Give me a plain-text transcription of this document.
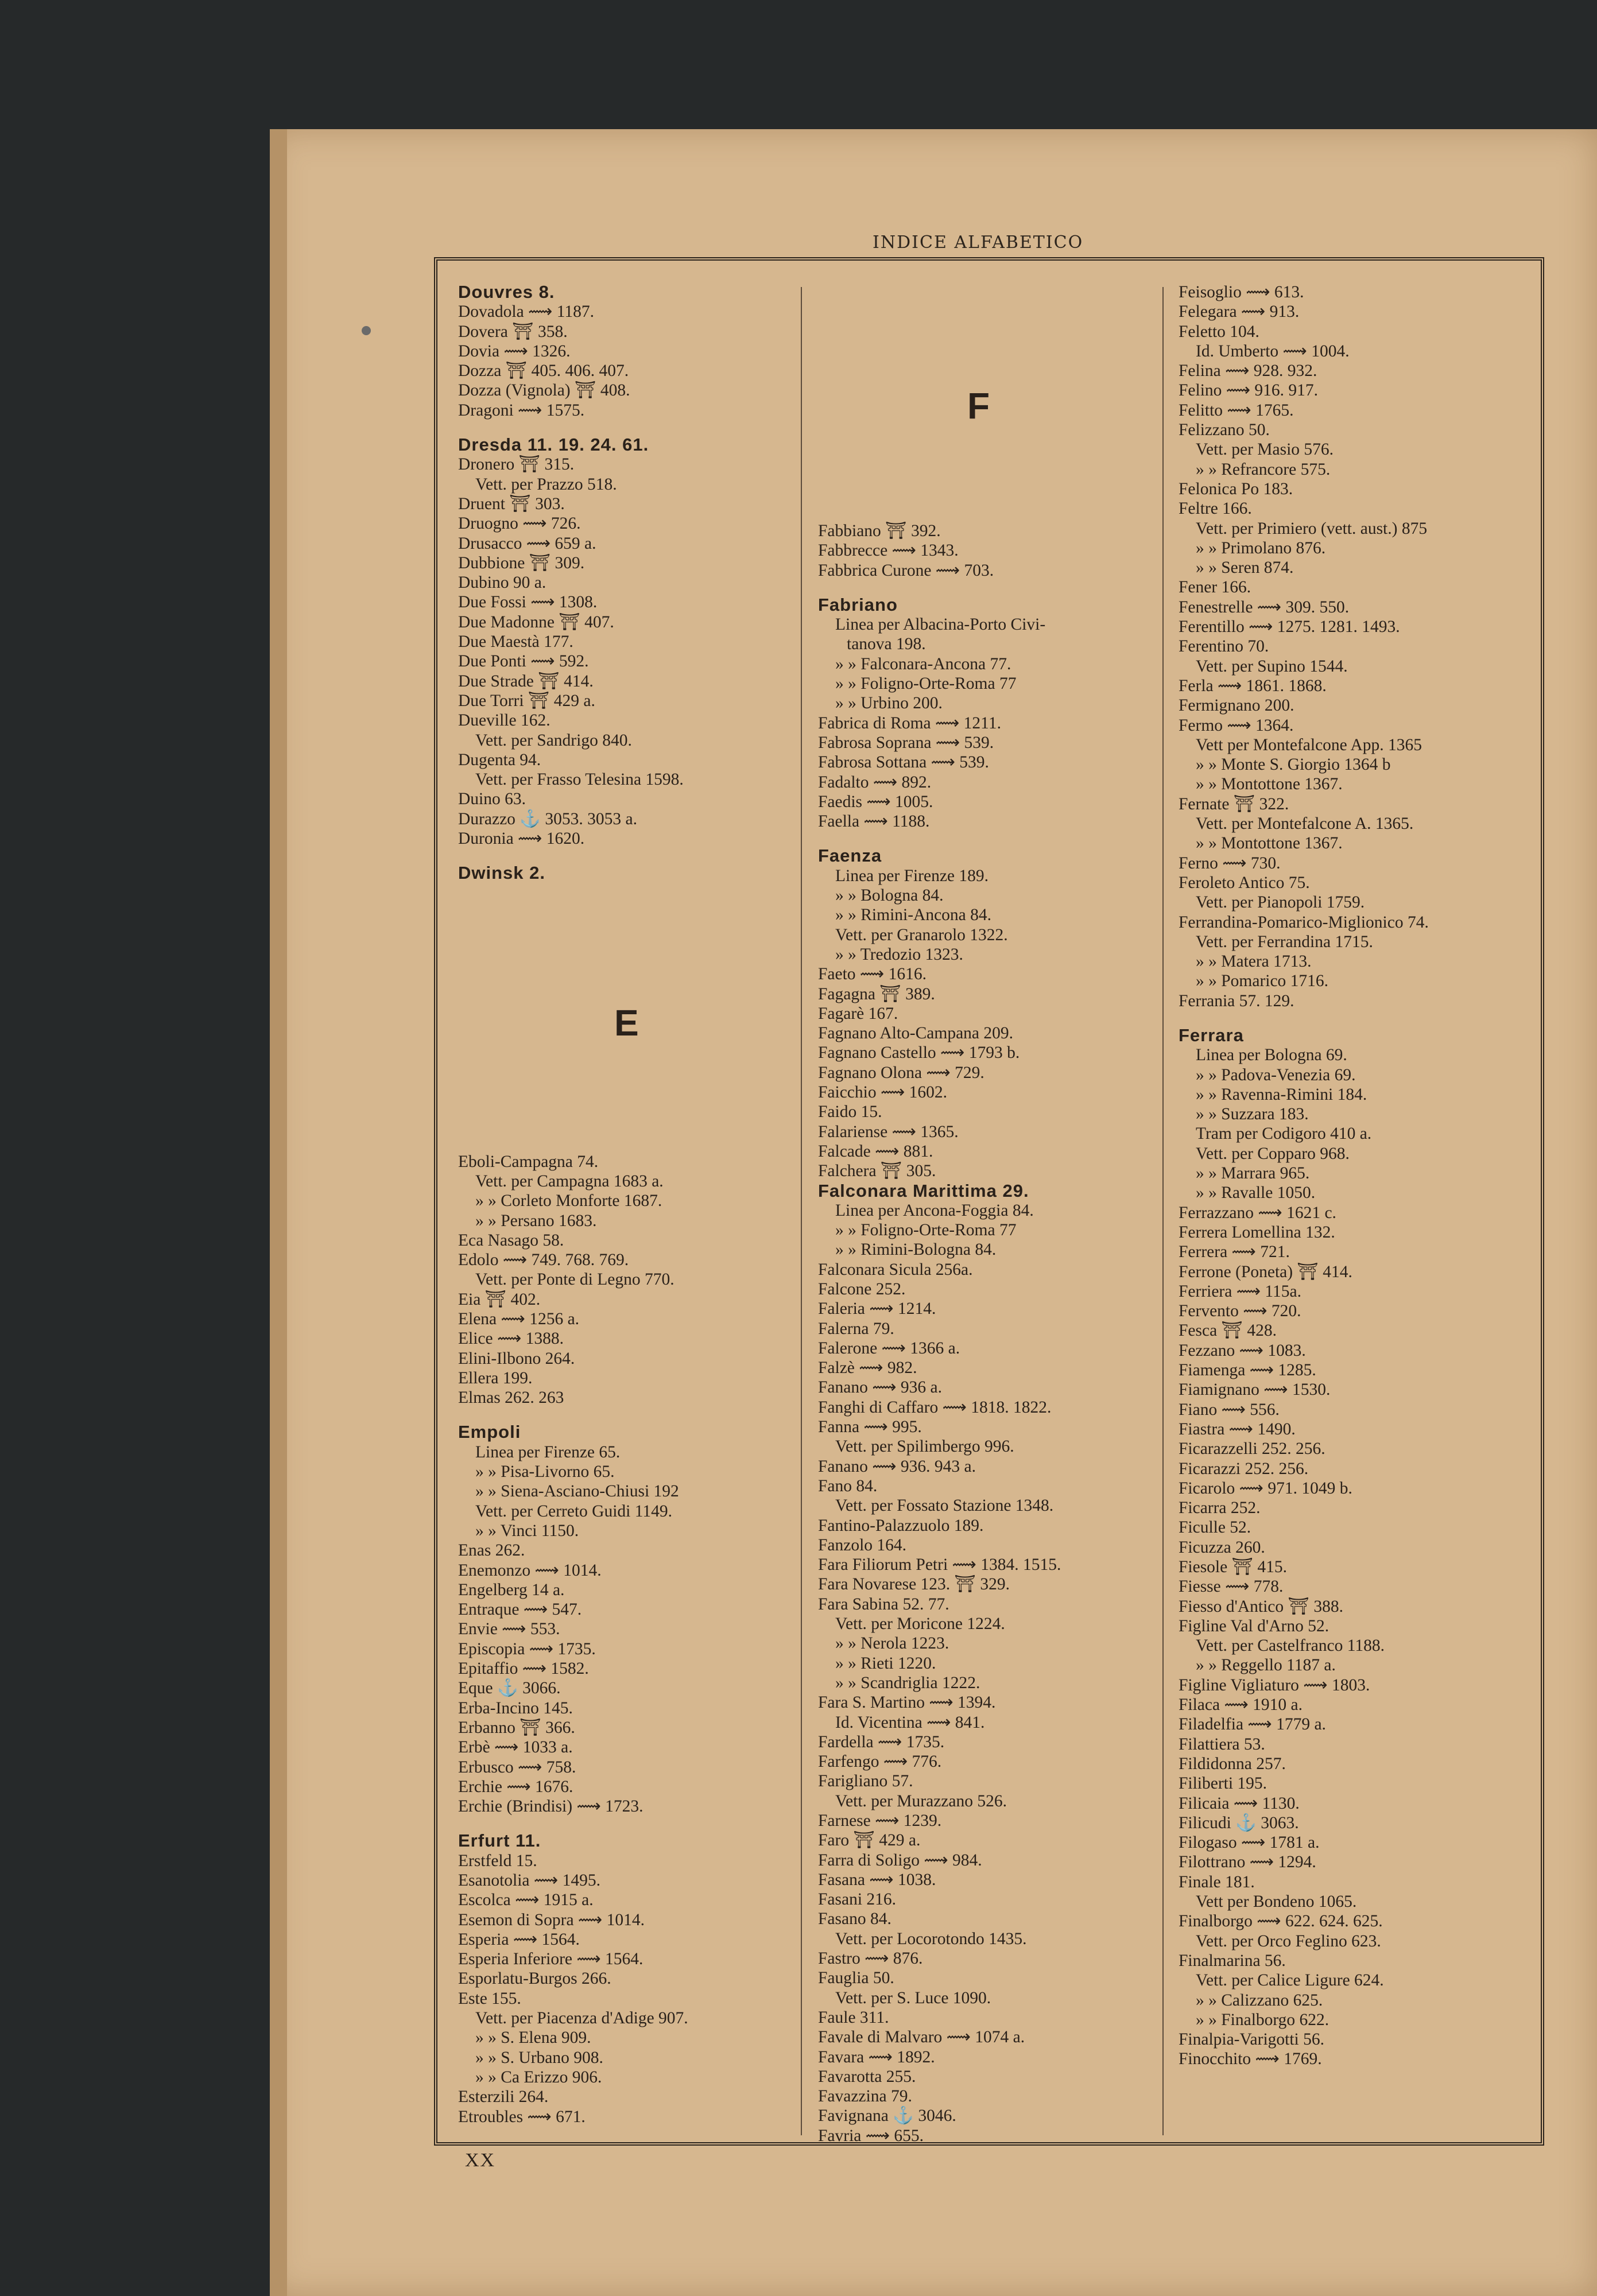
INDICE ALFABETICO
Douvres 8.
Dovadola ⟿ 1187.
Dovera ⛩ 358.
Dovia ⟿ 1326.
Dozza ⛩ 405. 406. 407.
Dozza (Vignola) ⛩ 408.
Dragoni ⟿ 1575.
Dresda 11. 19. 24. 61.
Dronero ⛩ 315.
Vett. per Prazzo 518.
Druent ⛩ 303.
Druogno ⟿ 726.
Drusacco ⟿ 659 a.
Dubbione ⛩ 309.
Dubino 90 a.
Due Fossi ⟿ 1308.
Due Madonne ⛩ 407.
Due Maestà 177.
Due Ponti ⟿ 592.
Due Strade ⛩ 414.
Due Torri ⛩ 429 a.
Dueville 162.
Vett. per Sandrigo 840.
Dugenta 94.
Vett. per Frasso Telesina 1598.
Duino 63.
Durazzo ⚓ 3053. 3053 a.
Duronia ⟿ 1620.
Dwinsk 2.
Eboli-Campagna 74.
Vett. per Campagna 1683 a.
» » Corleto Monforte 1687.
» » Persano 1683.
Eca Nasago 58.
Edolo ⟿ 749. 768. 769.
Vett. per Ponte di Legno 770.
Eia ⛩ 402.
Elena ⟿ 1256 a.
Elice ⟿ 1388.
Elini-Ilbono 264.
Ellera 199.
Elmas 262. 263
Empoli
Linea per Firenze 65.
» » Pisa-Livorno 65.
» » Siena-Asciano-Chiusi 192
Vett. per Cerreto Guidi 1149.
» » Vinci 1150.
Enas 262.
Enemonzo ⟿ 1014.
Engelberg 14 a.
Entraque ⟿ 547.
Envie ⟿ 553.
Episcopia ⟿ 1735.
Epitaffio ⟿ 1582.
Eque ⚓ 3066.
Erba-Incino 145.
Erbanno ⛩ 366.
Erbè ⟿ 1033 a.
Erbusco ⟿ 758.
Erchie ⟿ 1676.
Erchie (Brindisi) ⟿ 1723.
Erfurt 11.
Erstfeld 15.
Esanotolia ⟿ 1495.
Escolca ⟿ 1915 a.
Esemon di Sopra ⟿ 1014.
Esperia ⟿ 1564.
Esperia Inferiore ⟿ 1564.
Esporlatu-Burgos 266.
Este 155.
Vett. per Piacenza d'Adige 907.
» » S. Elena 909.
» » S. Urbano 908.
» » Ca Erizzo 906.
Esterzili 264.
Etroubles ⟿ 671.
Fabbiano ⛩ 392.
Fabbrecce ⟿ 1343.
Fabbrica Curone ⟿ 703.
Fabriano
Linea per Albacina-Porto Civi-
tanova 198.
» » Falconara-Ancona 77.
» » Foligno-Orte-Roma 77
» » Urbino 200.
Fabrica di Roma ⟿ 1211.
Fabrosa Soprana ⟿ 539.
Fabrosa Sottana ⟿ 539.
Fadalto ⟿ 892.
Faedis ⟿ 1005.
Faella ⟿ 1188.
Faenza
Linea per Firenze 189.
» » Bologna 84.
» » Rimini-Ancona 84.
Vett. per Granarolo 1322.
» » Tredozio 1323.
Faeto ⟿ 1616.
Fagagna ⛩ 389.
Fagarè 167.
Fagnano Alto-Campana 209.
Fagnano Castello ⟿ 1793 b.
Fagnano Olona ⟿ 729.
Faicchio ⟿ 1602.
Faido 15.
Falariense ⟿ 1365.
Falcade ⟿ 881.
Falchera ⛩ 305.
Falconara Marittima 29.
Linea per Ancona-Foggia 84.
» » Foligno-Orte-Roma 77
» » Rimini-Bologna 84.
Falconara Sicula 256a.
Falcone 252.
Faleria ⟿ 1214.
Falerna 79.
Falerone ⟿ 1366 a.
Falzè ⟿ 982.
Fanano ⟿ 936 a.
Fanghi di Caffaro ⟿ 1818. 1822.
Fanna ⟿ 995.
Vett. per Spilimbergo 996.
Fanano ⟿ 936. 943 a.
Fano 84.
Vett. per Fossato Stazione 1348.
Fantino-Palazzuolo 189.
Fanzolo 164.
Fara Filiorum Petri ⟿ 1384. 1515.
Fara Novarese 123. ⛩ 329.
Fara Sabina 52. 77.
Vett. per Moricone 1224.
» » Nerola 1223.
» » Rieti 1220.
» » Scandriglia 1222.
Fara S. Martino ⟿ 1394.
Id. Vicentina ⟿ 841.
Fardella ⟿ 1735.
Farfengo ⟿ 776.
Farigliano 57.
Vett. per Murazzano 526.
Farnese ⟿ 1239.
Faro ⛩ 429 a.
Farra di Soligo ⟿ 984.
Fasana ⟿ 1038.
Fasani 216.
Fasano 84.
Vett. per Locorotondo 1435.
Fastro ⟿ 876.
Fauglia 50.
Vett. per S. Luce 1090.
Faule 311.
Favale di Malvaro ⟿ 1074 a.
Favara ⟿ 1892.
Favarotta 255.
Favazzina 79.
Favignana ⚓ 3046.
Favria ⟿ 655.
Feisoglio ⟿ 613.
Felegara ⟿ 913.
Feletto 104.
Id. Umberto ⟿ 1004.
Felina ⟿ 928. 932.
Felino ⟿ 916. 917.
Felitto ⟿ 1765.
Felizzano 50.
Vett. per Masio 576.
» » Refrancore 575.
Felonica Po 183.
Feltre 166.
Vett. per Primiero (vett. aust.) 875
» » Primolano 876.
» » Seren 874.
Fener 166.
Fenestrelle ⟿ 309. 550.
Ferentillo ⟿ 1275. 1281. 1493.
Ferentino 70.
Vett. per Supino 1544.
Ferla ⟿ 1861. 1868.
Fermignano 200.
Fermo ⟿ 1364.
Vett per Montefalcone App. 1365
» » Monte S. Giorgio 1364 b
» » Montottone 1367.
Fernate ⛩ 322.
Vett. per Montefalcone A. 1365.
» » Montottone 1367.
Ferno ⟿ 730.
Feroleto Antico 75.
Vett. per Pianopoli 1759.
Ferrandina-Pomarico-Miglionico 74.
Vett. per Ferrandina 1715.
» » Matera 1713.
» » Pomarico 1716.
Ferrania 57. 129.
Ferrara
Linea per Bologna 69.
» » Padova-Venezia 69.
» » Ravenna-Rimini 184.
» » Suzzara 183.
Tram per Codigoro 410 a.
Vett. per Copparo 968.
» » Marrara 965.
» » Ravalle 1050.
Ferrazzano ⟿ 1621 c.
Ferrera Lomellina 132.
Ferrera ⟿ 721.
Ferrone (Poneta) ⛩ 414.
Ferriera ⟿ 115a.
Fervento ⟿ 720.
Fesca ⛩ 428.
Fezzano ⟿ 1083.
Fiamenga ⟿ 1285.
Fiamignano ⟿ 1530.
Fiano ⟿ 556.
Fiastra ⟿ 1490.
Ficarazzelli 252. 256.
Ficarazzi 252. 256.
Ficarolo ⟿ 971. 1049 b.
Ficarra 252.
Ficulle 52.
Ficuzza 260.
Fiesole ⛩ 415.
Fiesse ⟿ 778.
Fiesso d'Antico ⛩ 388.
Figline Val d'Arno 52.
Vett. per Castelfranco 1188.
» » Reggello 1187 a.
Figline Vigliaturo ⟿ 1803.
Filaca ⟿ 1910 a.
Filadelfia ⟿ 1779 a.
Filattiera 53.
Fildidonna 257.
Filiberti 195.
Filicaia ⟿ 1130.
Filicudi ⚓ 3063.
Filogaso ⟿ 1781 a.
Filottrano ⟿ 1294.
Finale 181.
Vett per Bondeno 1065.
Finalborgo ⟿ 622. 624. 625.
Vett. per Orco Feglino 623.
Finalmarina 56.
Vett. per Calice Ligure 624.
» » Calizzano 625.
» » Finalborgo 622.
Finalpia-Varigotti 56.
Finocchito ⟿ 1769.
F
E
XX
